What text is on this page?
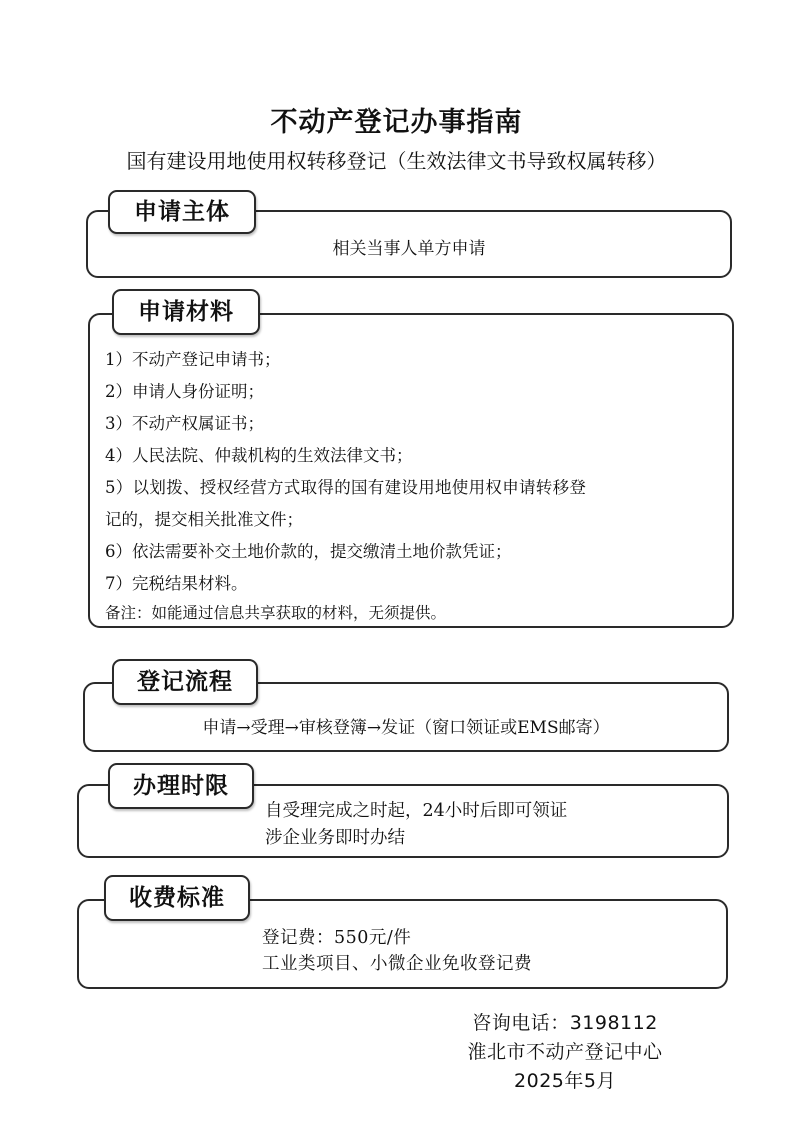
不动产登记办事指南
国有建设用地使用权转移登记（生效法律文书导致权属转移）
申请主体
相关当事人单方申请
申请材料
1）不动产登记申请书；
2）申请人身份证明；
3）不动产权属证书；
4）人民法院、仲裁机构的生效法律文书；
5）以划拨、授权经营方式取得的国有建设用地使用权申请转移登
记的，提交相关批准文件；
6）依法需要补交土地价款的，提交缴清土地价款凭证；
7）完税结果材料。
备注：如能通过信息共享获取的材料，无须提供。
登记流程
申请→受理→审核登簿→发证（窗口领证或EMS邮寄）
办理时限
自受理完成之时起，24小时后即可领证
涉企业务即时办结
收费标准
登记费：550元/件
工业类项目、小微企业免收登记费
咨询电话：3198112
淮北市不动产登记中心
2025年5月
